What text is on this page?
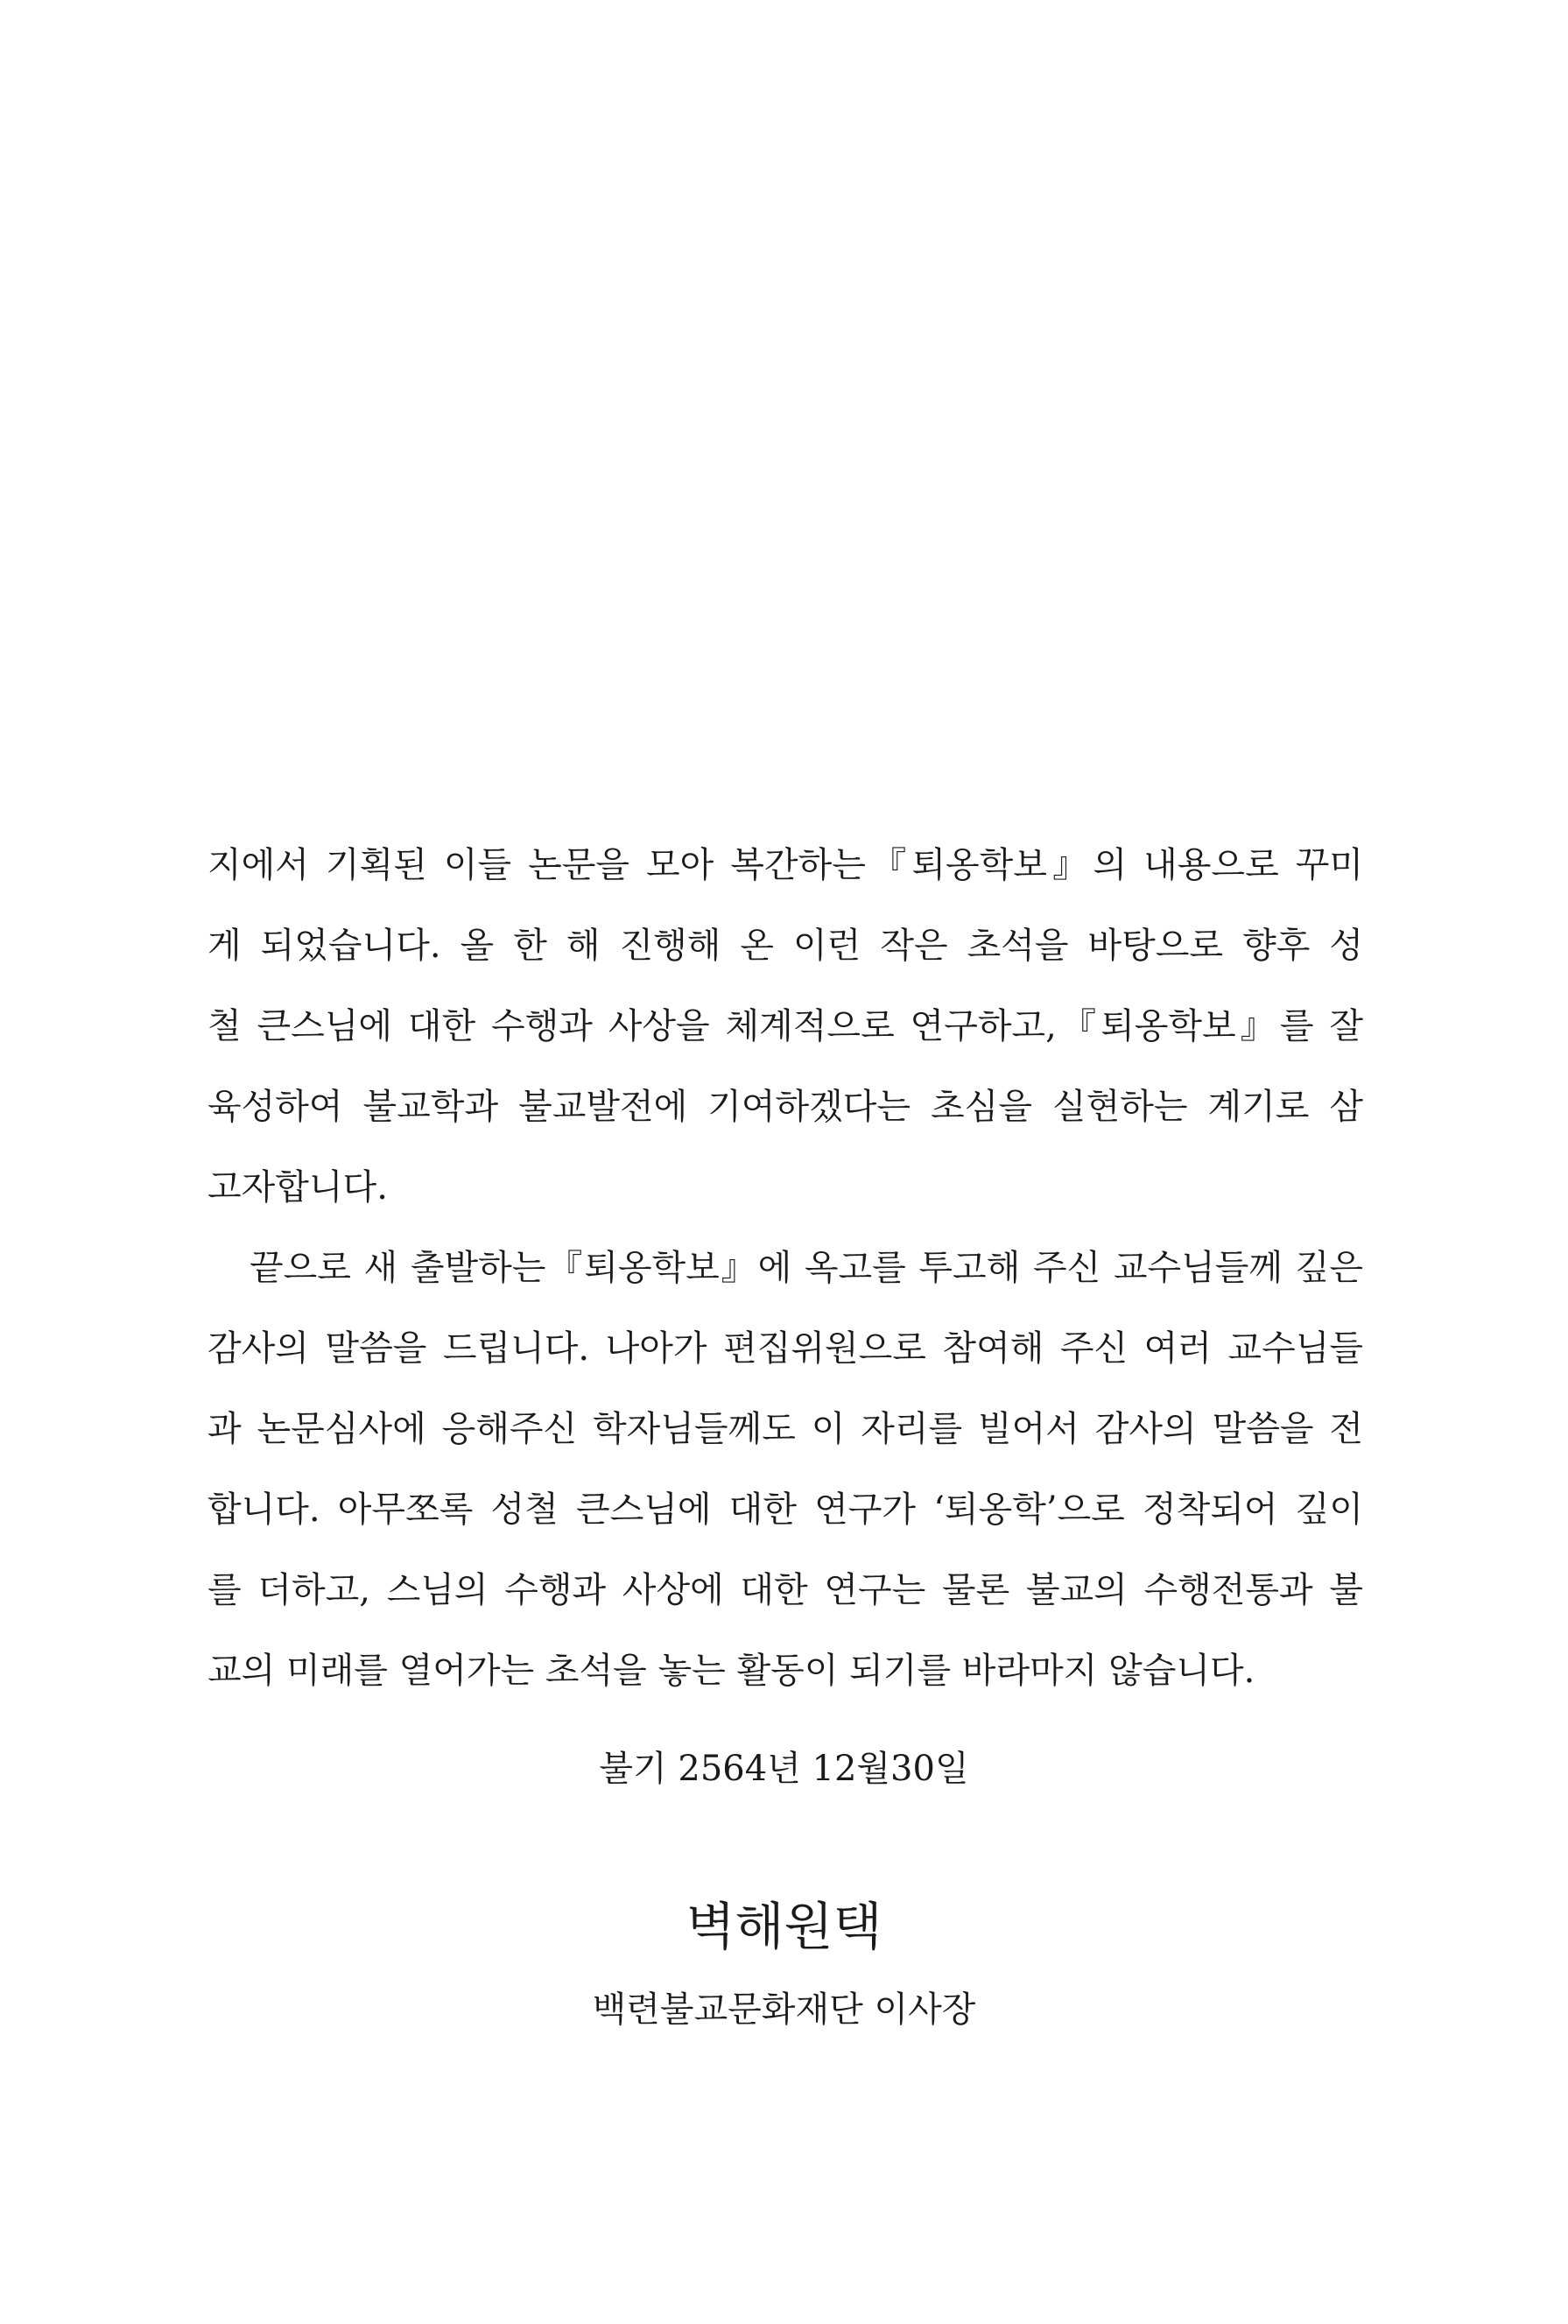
지에서 기획된 이들 논문을 모아 복간하는『퇴옹학보』의 내용으로 꾸미
게 되었습니다. 올 한 해 진행해 온 이런 작은 초석을 바탕으로 향후 성
철 큰스님에 대한 수행과 사상을 체계적으로 연구하고,『퇴옹학보』를 잘
육성하여 불교학과 불교발전에 기여하겠다는 초심을 실현하는 계기로 삼
고자합니다.
끝으로 새 출발하는『퇴옹학보』에 옥고를 투고해 주신 교수님들께 깊은
감사의 말씀을 드립니다. 나아가 편집위원으로 참여해 주신 여러 교수님들
과 논문심사에 응해주신 학자님들께도 이 자리를 빌어서 감사의 말씀을 전
합니다. 아무쪼록 성철 큰스님에 대한 연구가 ‘퇴옹학’으로 정착되어 깊이
를 더하고, 스님의 수행과 사상에 대한 연구는 물론 불교의 수행전통과 불
교의 미래를 열어가는 초석을 놓는 활동이 되기를 바라마지 않습니다.
불기 2564년 12월30일
벽해원택
백련불교문화재단 이사장
